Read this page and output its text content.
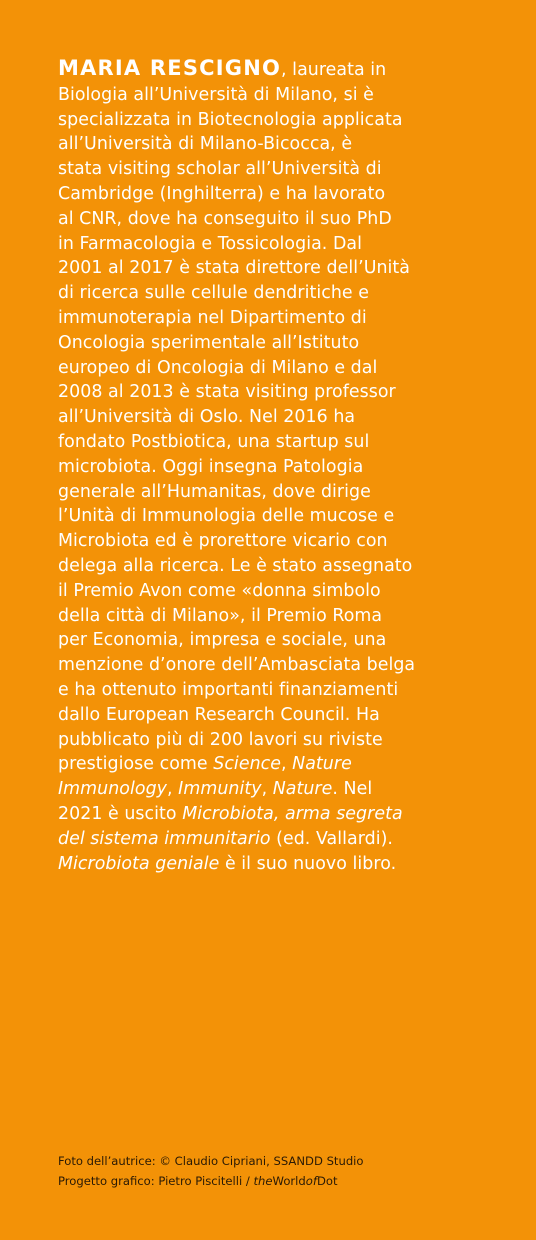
MARIA RESCIGNO, laureata in
Biologia all’Università di Milano, si è
specializzata in Biotecnologia applicata
all’Università di Milano-Bicocca, è
stata visiting scholar all’Università di
Cambridge (Inghilterra) e ha lavorato
al CNR, dove ha conseguito il suo PhD
in Farmacologia e Tossicologia. Dal
2001 al 2017 è stata direttore dell’Unità
di ricerca sulle cellule dendritiche e
immunoterapia nel Dipartimento di
Oncologia sperimentale all’Istituto
europeo di Oncologia di Milano e dal
2008 al 2013 è stata visiting professor
all’Università di Oslo. Nel 2016 ha
fondato Postbiotica, una startup sul
microbiota. Oggi insegna Patologia
generale all’Humanitas, dove dirige
l’Unità di Immunologia delle mucose e
Microbiota ed è prorettore vicario con
delega alla ricerca. Le è stato assegnato
il Premio Avon come «donna simbolo
della città di Milano», il Premio Roma
per Economia, impresa e sociale, una
menzione d’onore dell’Ambasciata belga
e ha ottenuto importanti finanziamenti
dallo European Research Council. Ha
pubblicato più di 200 lavori su riviste
prestigiose come Science, Nature
Immunology, Immunity, Nature. Nel
2021 è uscito Microbiota, arma segreta
del sistema immunitario (ed. Vallardi).
Microbiota geniale è il suo nuovo libro.
Foto dell’autrice: © Claudio Cipriani, SSANDD Studio
Progetto grafico: Pietro Piscitelli / theWorldofDot
